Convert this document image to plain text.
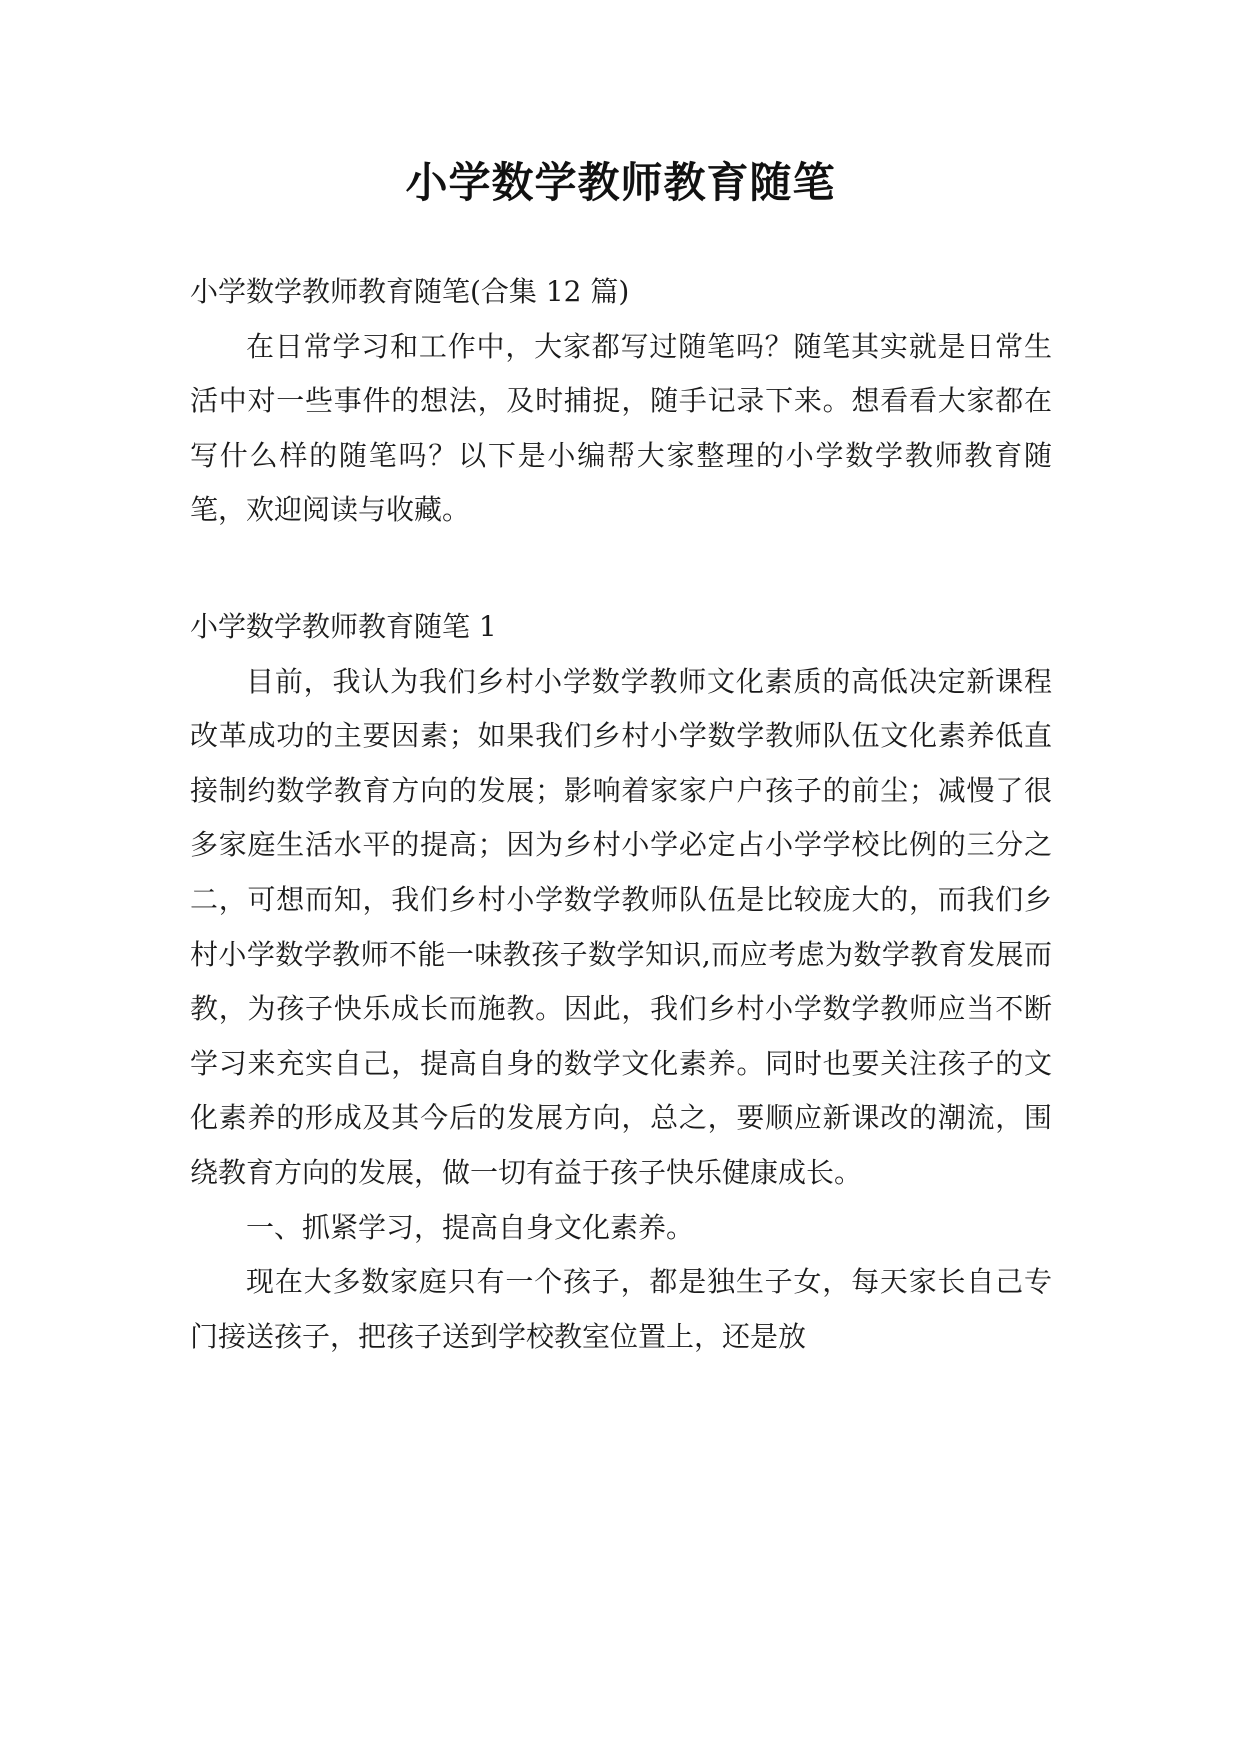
小学数学教师教育随笔

小学数学教师教育随笔(合集 12 篇)

在日常学习和工作中，大家都写过随笔吗？随笔其实就是日常生活中对一些事件的想法，及时捕捉，随手记录下来。想看看大家都在写什么样的随笔吗？以下是小编帮大家整理的小学数学教师教育随笔，欢迎阅读与收藏。

小学数学教师教育随笔 1

目前，我认为我们乡村小学数学教师文化素质的高低决定新课程改革成功的主要因素；如果我们乡村小学数学教师队伍文化素养低直接制约数学教育方向的发展；影响着家家户户孩子的前尘；减慢了很多家庭生活水平的提高；因为乡村小学必定占小学学校比例的三分之二，可想而知，我们乡村小学数学教师队伍是比较庞大的，而我们乡村小学数学教师不能一味教孩子数学知识,而应考虑为数学教育发展而教，为孩子快乐成长而施教。因此，我们乡村小学数学教师应当不断学习来充实自己，提高自身的数学文化素养。同时也要关注孩子的文化素养的形成及其今后的发展方向，总之，要顺应新课改的潮流，围绕教育方向的发展，做一切有益于孩子快乐健康成长。

一、抓紧学习，提高自身文化素养。

现在大多数家庭只有一个孩子，都是独生子女，每天家长自己专门接送孩子，把孩子送到学校教室位置上，还是放
